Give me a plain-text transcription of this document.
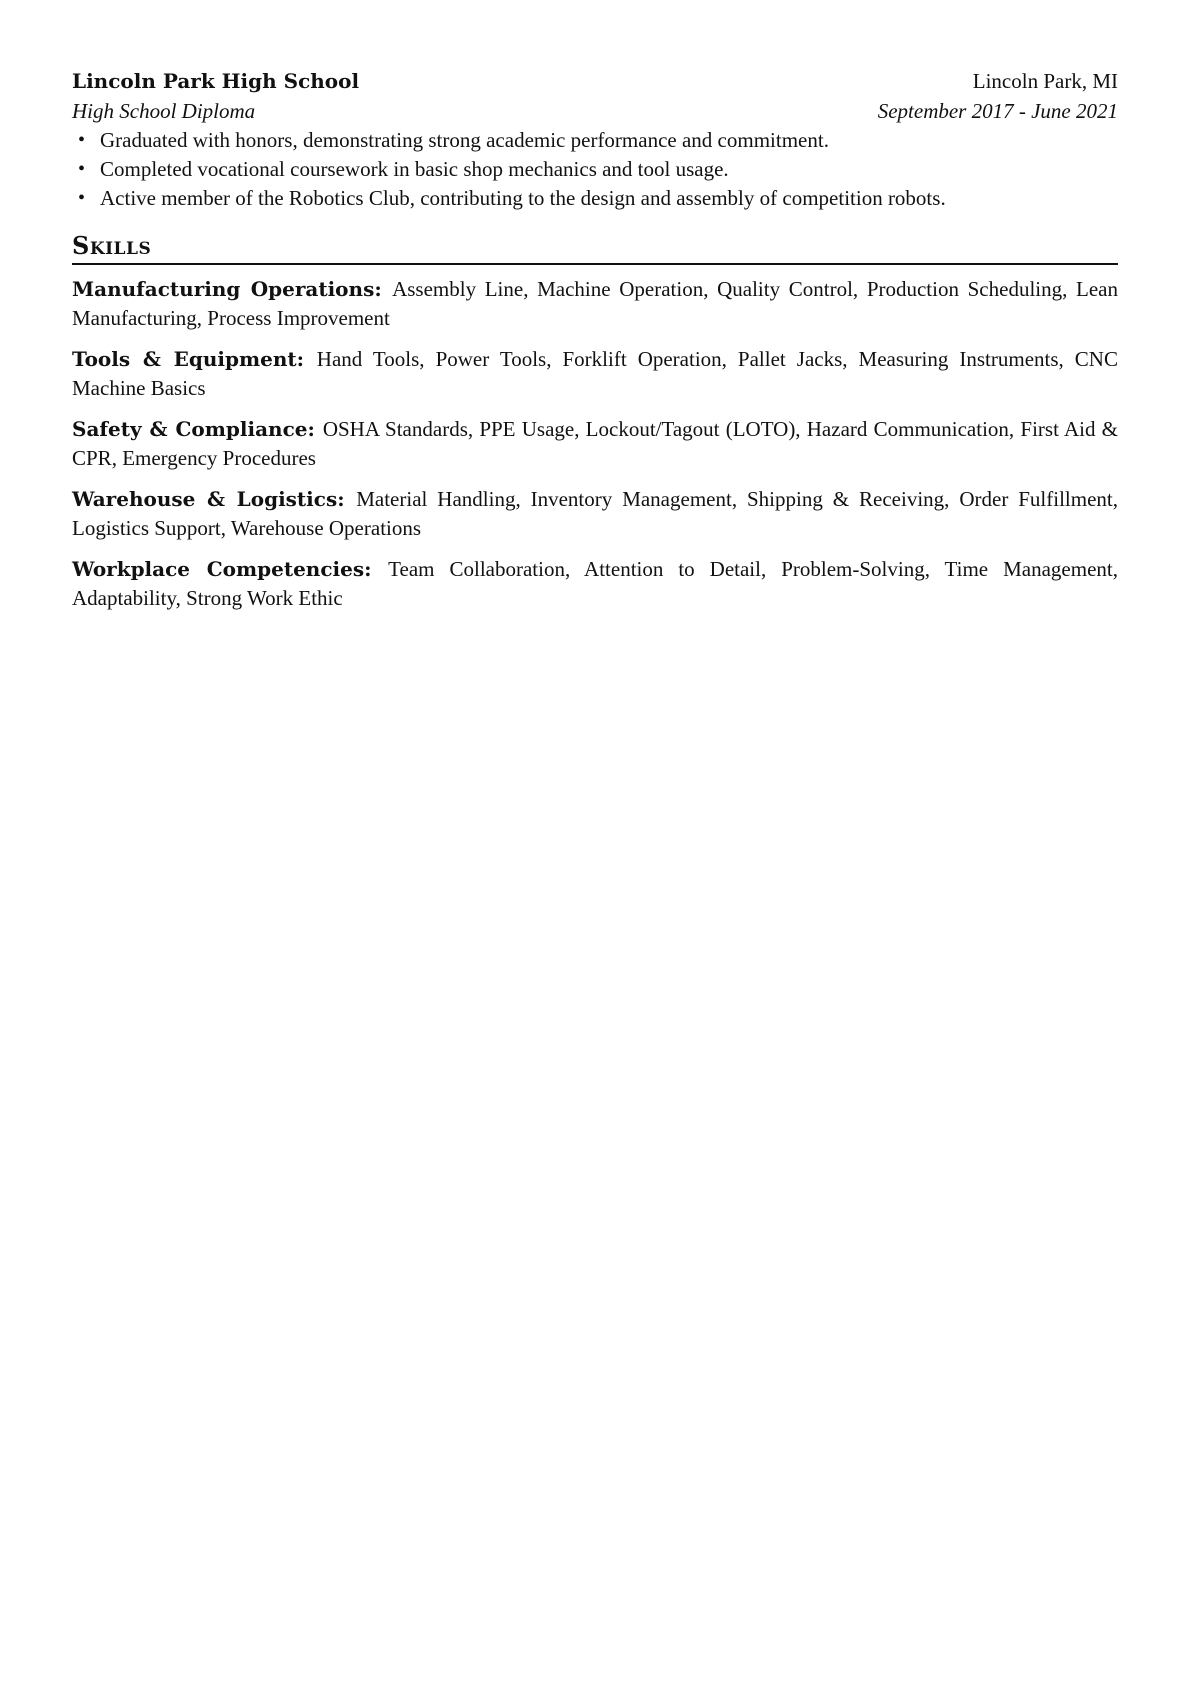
Lincoln Park High School	Lincoln Park, MI
High School Diploma	September 2017 - June 2021
• Graduated with honors, demonstrating strong academic performance and commitment.
• Completed vocational coursework in basic shop mechanics and tool usage.
• Active member of the Robotics Club, contributing to the design and assembly of competition robots.
Skills
Manufacturing Operations: Assembly Line, Machine Operation, Quality Control, Production Scheduling, Lean Manufacturing, Process Improvement
Tools & Equipment: Hand Tools, Power Tools, Forklift Operation, Pallet Jacks, Measuring Instruments, CNC Machine Basics
Safety & Compliance: OSHA Standards, PPE Usage, Lockout/Tagout (LOTO), Hazard Communication, First Aid & CPR, Emergency Procedures
Warehouse & Logistics: Material Handling, Inventory Management, Shipping & Receiving, Order Fulfillment, Logistics Support, Warehouse Operations
Workplace Competencies: Team Collaboration, Attention to Detail, Problem-Solving, Time Management, Adaptability, Strong Work Ethic
